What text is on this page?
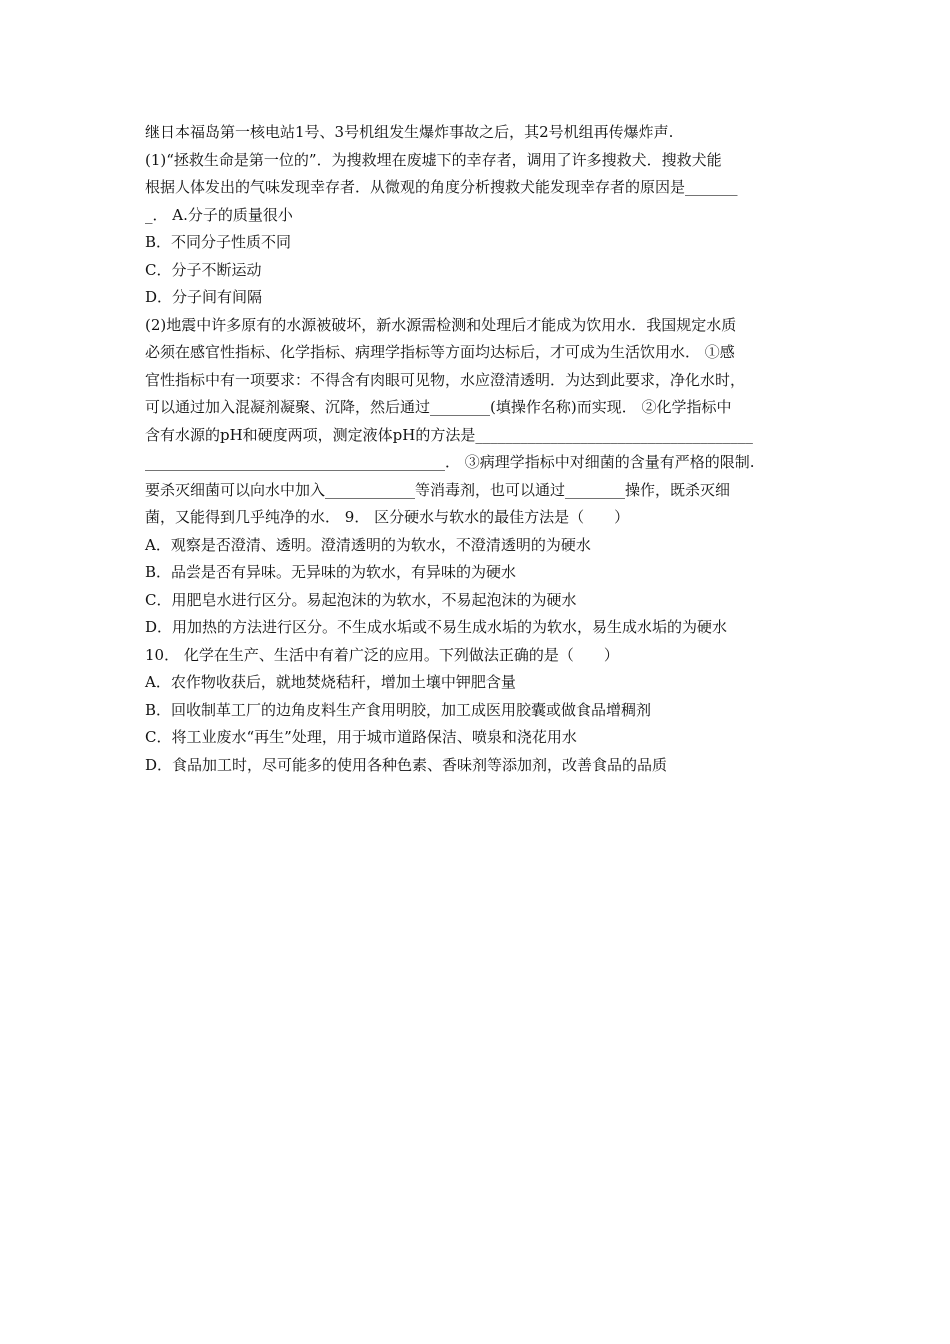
继日本福岛第一核电站1号、3号机组发生爆炸事故之后，其2号机组再传爆炸声.
(1)“拯救生命是第一位的”．为搜救埋在废墟下的幸存者，调用了许多搜救犬．搜救犬能
根据人体发出的气味发现幸存者．从微观的角度分析搜救犬能发现幸存者的原因是_______
_． A.分子的质量很小
B．不同分子性质不同
C．分子不断运动
D．分子间有间隔
(2)地震中许多原有的水源被破坏，新水源需检测和处理后才能成为饮用水．我国规定水质
必须在感官性指标、化学指标、病理学指标等方面均达标后，才可成为生活饮用水． ①感
官性指标中有一项要求：不得含有肉眼可见物，水应澄清透明．为达到此要求，净化水时，
可以通过加入混凝剂凝聚、沉降，然后通过________(填操作名称)而实现． ②化学指标中
含有水源的pH和硬度两项，测定液体pH的方法是_____________________________________
________________________________________． ③病理学指标中对细菌的含量有严格的限制.
要杀灭细菌可以向水中加入____________等消毒剂，也可以通过________操作，既杀灭细
菌，又能得到几乎纯净的水． 9． 区分硬水与软水的最佳方法是（　　）
A．观察是否澄清、透明。澄清透明的为软水，不澄清透明的为硬水
B．品尝是否有异味。无异味的为软水，有异味的为硬水
C．用肥皂水进行区分。易起泡沫的为软水，不易起泡沫的为硬水
D．用加热的方法进行区分。不生成水垢或不易生成水垢的为软水，易生成水垢的为硬水
10． 化学在生产、生活中有着广泛的应用。下列做法正确的是（　　）
A．农作物收获后，就地焚烧秸秆，增加土壤中钾肥含量
B．回收制革工厂的边角皮料生产食用明胶，加工成医用胶囊或做食品增稠剂
C．将工业废水“再生”处理，用于城市道路保洁、喷泉和浇花用水
D．食品加工时，尽可能多的使用各种色素、香味剂等添加剂，改善食品的品质
